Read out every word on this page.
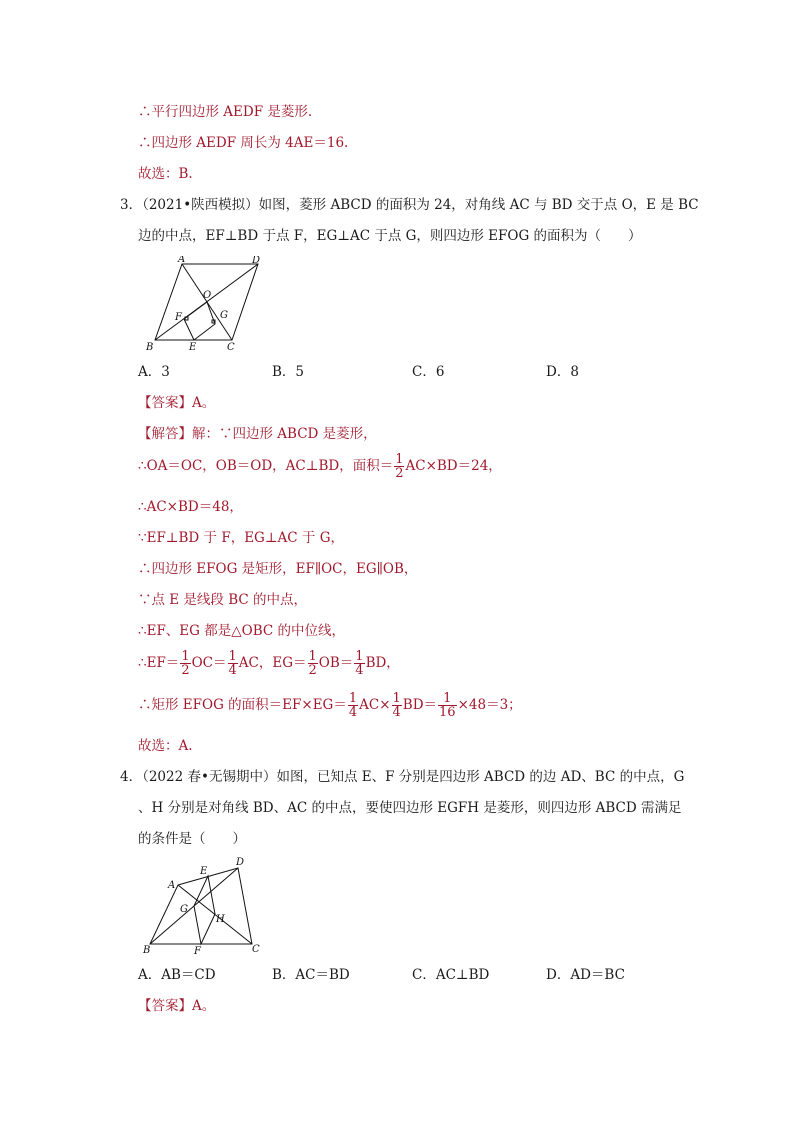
∴平行四边形 AEDF 是菱形.
∴四边形 AEDF 周长为 4AE＝16.
故选：B.
3．（2021•陕西模拟）如图，菱形 ABCD 的面积为 24，对角线 AC 与 BD 交于点 O，E 是 BC
边的中点，EF⊥BD 于点 F，EG⊥AC 于点 G，则四边形 EFOG 的面积为（　　）
A	D
O
F	G
B	E	C
A．3	B．5	C．6	D．8
【答案】A。
【解答】解：∵四边形 ABCD 是菱形，
∴OA＝OC，OB＝OD，AC⊥BD，面积＝ $\frac{1}{2} AC\times BD=24$，
∴AC×BD＝48，
∵EF⊥BD 于 F，EG⊥AC 于 G，
∴四边形 EFOG 是矩形，EF∥OC，EG∥OB，
∵点 E 是线段 BC 的中点，
∴EF、EG 都是△OBC 的中位线，
∴EF＝ $\frac{1}{2} OC= \frac{1}{4}$ AC，$EG= \frac{1}{2} OB= \frac{1}{4}$ BD，
∴矩形 EFOG 的面积$=EF\times EG= \frac{1}{4} AC\times \frac{1}{4} BD= \frac{1}{16} \times 48=3$；
故选：A.
4．（2022 春•无锡期中）如图，已知点 E、F 分别是四边形 ABCD 的边 AD、BC 的中点，G
、H 分别是对角线 BD、AC 的中点，要使四边形 EGFH 是菱形，则四边形 ABCD 需满足
的条件是（　　）
A
E
D
G
H
B	F	C
A．AB＝CD	B．AC＝BD	C．AC⊥BD	D．AD＝BC
【答案】A。
